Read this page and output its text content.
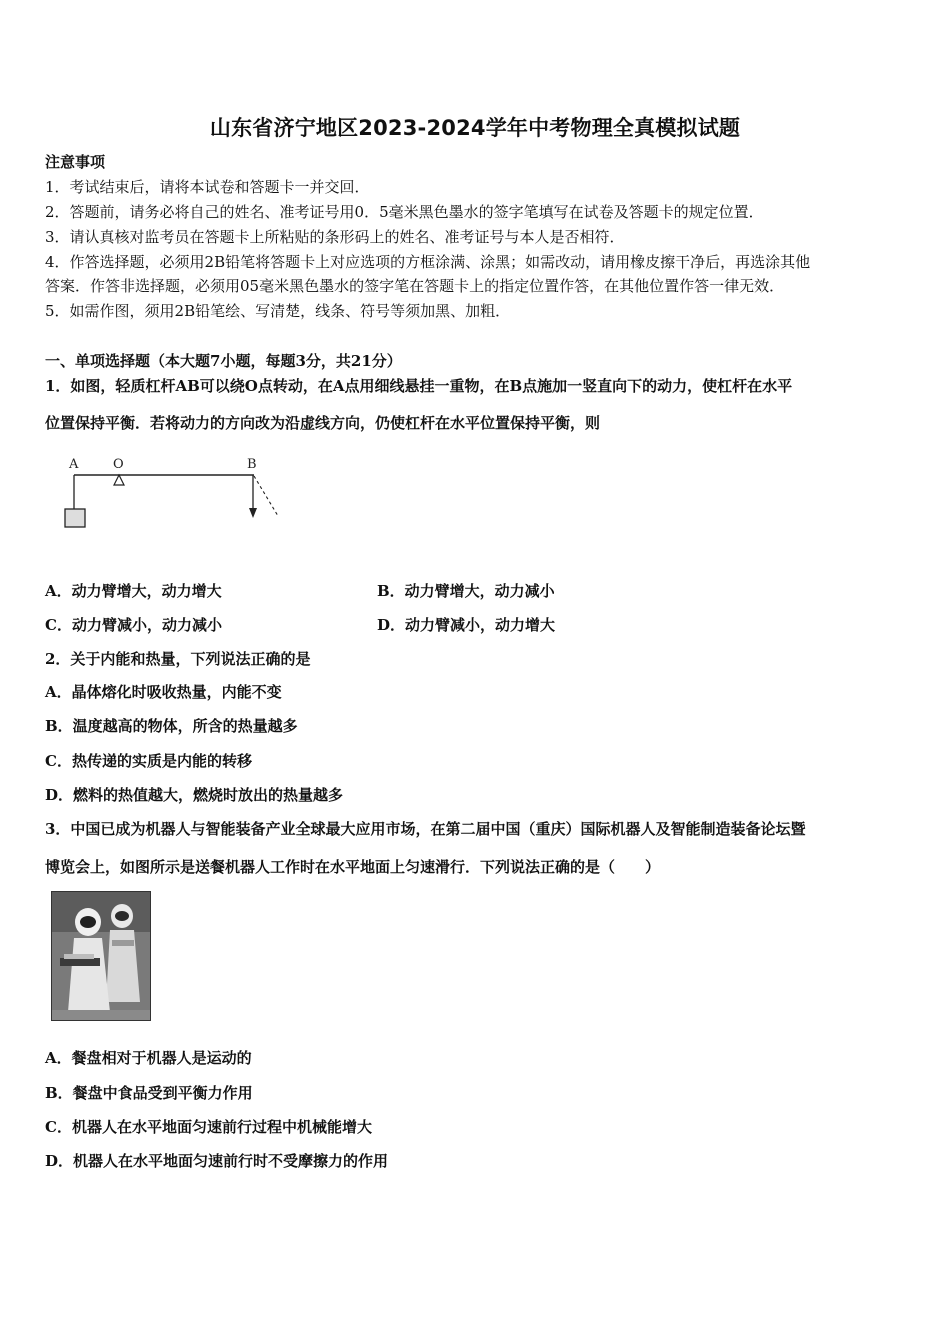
山东省济宁地区2023-2024学年中考物理全真模拟试题
注意事项
1．考试结束后，请将本试卷和答题卡一并交回．
2．答题前，请务必将自己的姓名、准考证号用0．5毫米黑色墨水的签字笔填写在试卷及答题卡的规定位置．
3．请认真核对监考员在答题卡上所粘贴的条形码上的姓名、准考证号与本人是否相符．
4．作答选择题，必须用2B铅笔将答题卡上对应选项的方框涂满、涂黑；如需改动，请用橡皮擦干净后，再选涂其他
答案．作答非选择题，必须用05毫米黑色墨水的签字笔在答题卡上的指定位置作答，在其他位置作答一律无效．
5．如需作图，须用2B铅笔绘、写清楚，线条、符号等须加黑、加粗．
一、单项选择题（本大题7小题，每题3分，共21分）
1．如图，轻质杠杆AB可以绕O点转动，在A点用细线悬挂一重物，在B点施加一竖直向下的动力，使杠杆在水平
位置保持平衡．若将动力的方向改为沿虚线方向，仍使杠杆在水平位置保持平衡，则
A	O	B
A．动力臂增大，动力增大	B．动力臂增大，动力减小
C．动力臂减小，动力减小	D．动力臂减小，动力增大
2．关于内能和热量，下列说法正确的是
A．晶体熔化时吸收热量，内能不变
B．温度越高的物体，所含的热量越多
C．热传递的实质是内能的转移
D．燃料的热值越大，燃烧时放出的热量越多
3．中国已成为机器人与智能装备产业全球最大应用市场，在第二届中国（重庆）国际机器人及智能制造装备论坛暨
博览会上，如图所示是送餐机器人工作时在水平地面上匀速滑行．下列说法正确的是（　　）
A．餐盘相对于机器人是运动的
B．餐盘中食品受到平衡力作用
C．机器人在水平地面匀速前行过程中机械能增大
D．机器人在水平地面匀速前行时不受摩擦力的作用
